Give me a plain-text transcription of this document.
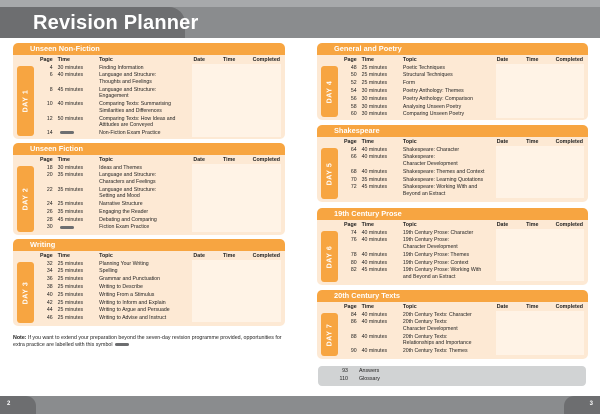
Revision Planner
Unseen Non-Fiction
DAY 1
Page	Time	Topic	Date	Time	Completed
4	30 minutes	Finding Information			

6	40 minutes	Language and Structure:
Thoughts and Feelings			

8	45 minutes	Language and Structure:
Engagement			

10	40 minutes	Comparing Texts: Summarising
Similarities and Differences			

12	50 minutes	Comparing Texts: How Ideas and
Attitudes are Conveyed			

14		Non-Fiction Exam Practice			

Unseen Fiction
DAY 2
Page	Time	Topic	Date	Time	Completed
18	30 minutes	Ideas and Themes			

20	35 minutes	Language and Structure:
Characters and Feelings			

22	35 minutes	Language and Structure:
Setting and Mood			

24	25 minutes	Narrative Structure			

26	35 minutes	Engaging the Reader			

28	45 minutes	Debating and Comparing			

30		Fiction Exam Practice			

Writing
DAY 3
Page	Time	Topic	Date	Time	Completed
32	25 minutes	Planning Your Writing			

34	25 minutes	Spelling			

36	25 minutes	Grammar and Punctuation			

38	25 minutes	Writing to Describe			

40	25 minutes	Writing From a Stimulus			

42	25 minutes	Writing to Inform and Explain			

44	25 minutes	Writing to Argue and Persuade			

46	25 minutes	Writing to Advise and Instruct			

General and Poetry
DAY 4
Page	Time	Topic	Date	Time	Completed
48	25 minutes	Poetic Techniques			

50	25 minutes	Structural Techniques			

52	25 minutes	Form			

54	30 minutes	Poetry Anthology: Themes			

56	30 minutes	Poetry Anthology: Comparison			

58	30 minutes	Analysing Unseen Poetry			

60	30 minutes	Comparing Unseen Poetry			

Shakespeare
DAY 5
Page	Time	Topic	Date	Time	Completed
64	40 minutes	Shakespeare: Character			

66	40 minutes	Shakespeare:
Character Development			

68	40 minutes	Shakespeare: Themes and Context			

70	35 minutes	Shakespeare: Learning Quotations			

72	45 minutes	Shakespeare: Working With and
Beyond an Extract			

19th Century Prose
DAY 6
Page	Time	Topic	Date	Time	Completed
74	40 minutes	19th Century Prose: Character			

76	40 minutes	19th Century Prose:
Character Development			

78	40 minutes	19th Century Prose: Themes			

80	40 minutes	19th Century Prose: Context			

82	45 minutes	19th Century Prose: Working With
and Beyond an Extract			

20th Century Texts
DAY 7
Page	Time	Topic	Date	Time	Completed
84	40 minutes	20th Century Texts: Character			

86	40 minutes	20th Century Texts:
Character Development			

88	40 minutes	20th Century Texts:
Relationships and Importance			

90	40 minutes	20th Century Texts: Themes			

Note: If you want to extend your preparation beyond the seven-day revision programme provided, opportunities for extra practice are labelled with this symbol
93 Answers
110 Glossary
2	3
